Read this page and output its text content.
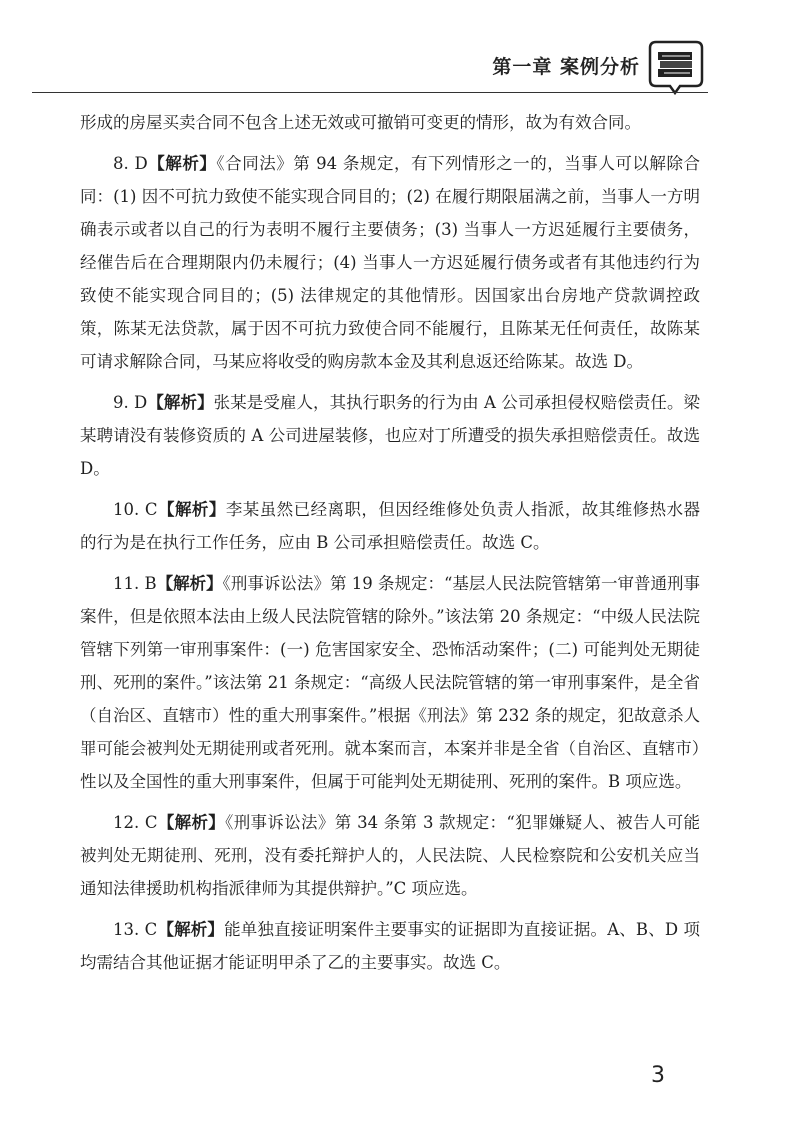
第一章 案例分析

形成的房屋买卖合同不包含上述无效或可撤销可变更的情形，故为有效合同。

8. D【解析】《合同法》第 94 条规定，有下列情形之一的，当事人可以解除合同：(1) 因不可抗力致使不能实现合同目的；(2) 在履行期限届满之前，当事人一方明确表示或者以自己的行为表明不履行主要债务；(3) 当事人一方迟延履行主要债务，经催告后在合理期限内仍未履行；(4) 当事人一方迟延履行债务或者有其他违约行为致使不能实现合同目的；(5) 法律规定的其他情形。因国家出台房地产贷款调控政策，陈某无法贷款，属于因不可抗力致使合同不能履行，且陈某无任何责任，故陈某可请求解除合同，马某应将收受的购房款本金及其利息返还给陈某。故选 D。

9. D【解析】张某是受雇人，其执行职务的行为由 A 公司承担侵权赔偿责任。梁某聘请没有装修资质的 A 公司进屋装修，也应对丁所遭受的损失承担赔偿责任。故选 D。

10. C【解析】李某虽然已经离职，但因经维修处负责人指派，故其维修热水器的行为是在执行工作任务，应由 B 公司承担赔偿责任。故选 C。

11. B【解析】《刑事诉讼法》第 19 条规定：“基层人民法院管辖第一审普通刑事案件，但是依照本法由上级人民法院管辖的除外。”该法第 20 条规定：“中级人民法院管辖下列第一审刑事案件：(一) 危害国家安全、恐怖活动案件；(二) 可能判处无期徒刑、死刑的案件。”该法第 21 条规定：“高级人民法院管辖的第一审刑事案件，是全省（自治区、直辖市）性的重大刑事案件。”根据《刑法》第 232 条的规定，犯故意杀人罪可能会被判处无期徒刑或者死刑。就本案而言，本案并非是全省（自治区、直辖市）性以及全国性的重大刑事案件，但属于可能判处无期徒刑、死刑的案件。B 项应选。

12. C【解析】《刑事诉讼法》第 34 条第 3 款规定：“犯罪嫌疑人、被告人可能被判处无期徒刑、死刑，没有委托辩护人的，人民法院、人民检察院和公安机关应当通知法律援助机构指派律师为其提供辩护。”C 项应选。

13. C【解析】能单独直接证明案件主要事实的证据即为直接证据。A、B、D 项均需结合其他证据才能证明甲杀了乙的主要事实。故选 C。

3
